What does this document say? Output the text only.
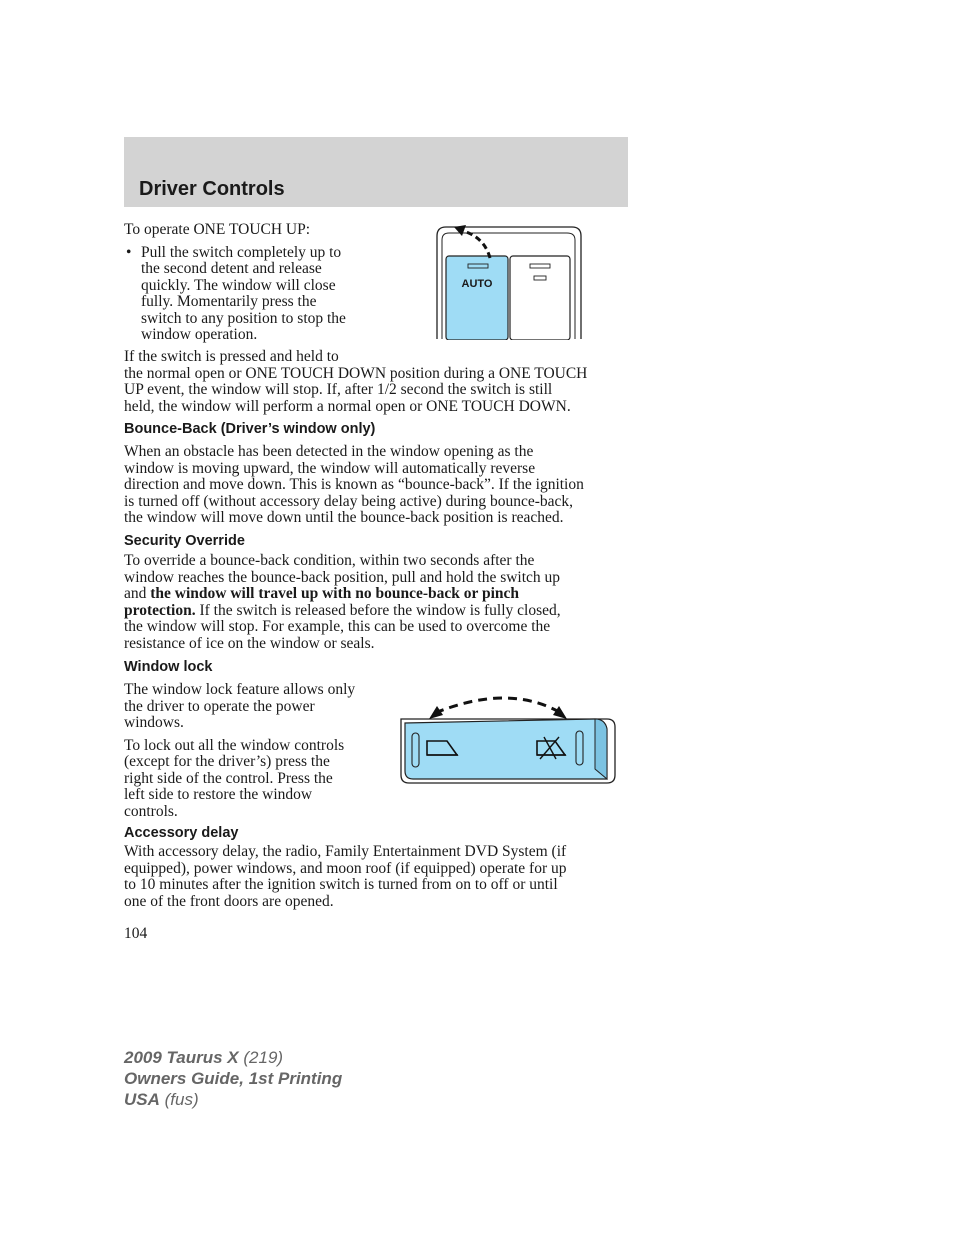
Driver Controls

To operate ONE TOUCH UP:

• Pull the switch completely up to

the second detent and release

quickly. The window will close

fully. Momentarily press the

switch to any position to stop the

window operation.

AUTO

If the switch is pressed and held to

the normal open or ONE TOUCH DOWN position during a ONE TOUCH

UP event, the window will stop. If, after 1/2 second the switch is still

held, the window will perform a normal open or ONE TOUCH DOWN.

Bounce-Back (Driver’s window only)

When an obstacle has been detected in the window opening as the

window is moving upward, the window will automatically reverse

direction and move down. This is known as “bounce-back”. If the ignition

is turned off (without accessory delay being active) during bounce-back,

the window will move down until the bounce-back position is reached.

Security Override

To override a bounce-back condition, within two seconds after the

window reaches the bounce-back position, pull and hold the switch up

and the window will travel up with no bounce-back or pinch

protection. If the switch is released before the window is fully closed,

the window will stop. For example, this can be used to overcome the

resistance of ice on the window or seals.

Window lock

The window lock feature allows only

the driver to operate the power

windows.

To lock out all the window controls

(except for the driver’s) press the

right side of the control. Press the

left side to restore the window

controls.

Accessory delay

With accessory delay, the radio, Family Entertainment DVD System (if

equipped), power windows, and moon roof (if equipped) operate for up

to 10 minutes after the ignition switch is turned from on to off or until

one of the front doors are opened.

104
2009 Taurus X (219)
Owners Guide, 1st Printing
USA (fus)
